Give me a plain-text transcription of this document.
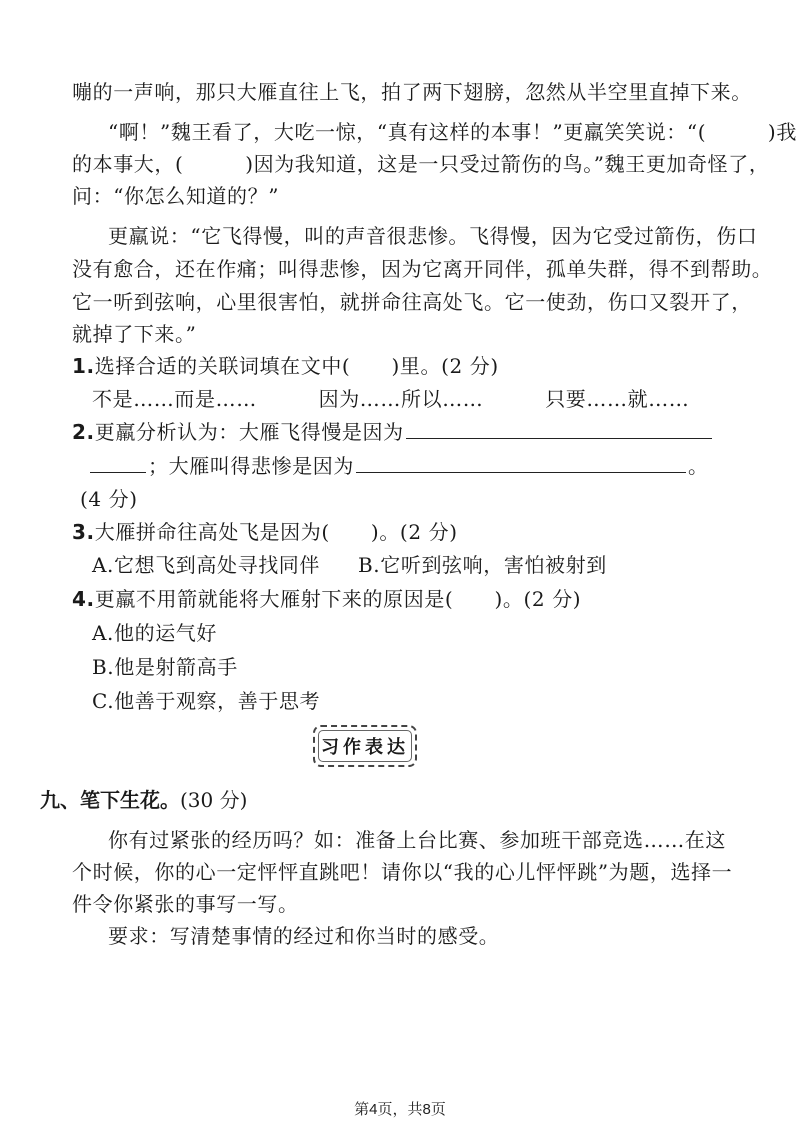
嘣的一声响，那只大雁直往上飞，拍了两下翅膀，忽然从半空里直掉下来。
“啊！”魏王看了，大吃一惊，“真有这样的本事！”更羸笑笑说：“(　　　)我
的本事大，(　　　)因为我知道，这是一只受过箭伤的鸟。”魏王更加奇怪了，
问：“你怎么知道的？”
更羸说：“它飞得慢，叫的声音很悲惨。飞得慢，因为它受过箭伤，伤口
没有愈合，还在作痛；叫得悲惨，因为它离开同伴，孤单失群，得不到帮助。
它一听到弦响，心里很害怕，就拼命往高处飞。它一使劲，伤口又裂开了，
就掉了下来。”
1.选择合适的关联词填在文中(　　)里。(2 分)
不是……而是……　　　因为……所以……　　　只要……就……
2.更羸分析认为：大雁飞得慢是因为
；大雁叫得悲惨是因为	。
(4 分)
3.大雁拼命往高处飞是因为(　　)。(2 分)
A.它想飞到高处寻找同伴 B.它听到弦响，害怕被射到
4.更羸不用箭就能将大雁射下来的原因是(　　)。(2 分)
A.他的运气好
B.他是射箭高手
C.他善于观察，善于思考
习作表达
九、笔下生花。(30 分)
你有过紧张的经历吗？如：准备上台比赛、参加班干部竞选……在这
个时候，你的心一定怦怦直跳吧！请你以“我的心儿怦怦跳”为题，选择一
件令你紧张的事写一写。
要求：写清楚事情的经过和你当时的感受。
第4页，共8页
